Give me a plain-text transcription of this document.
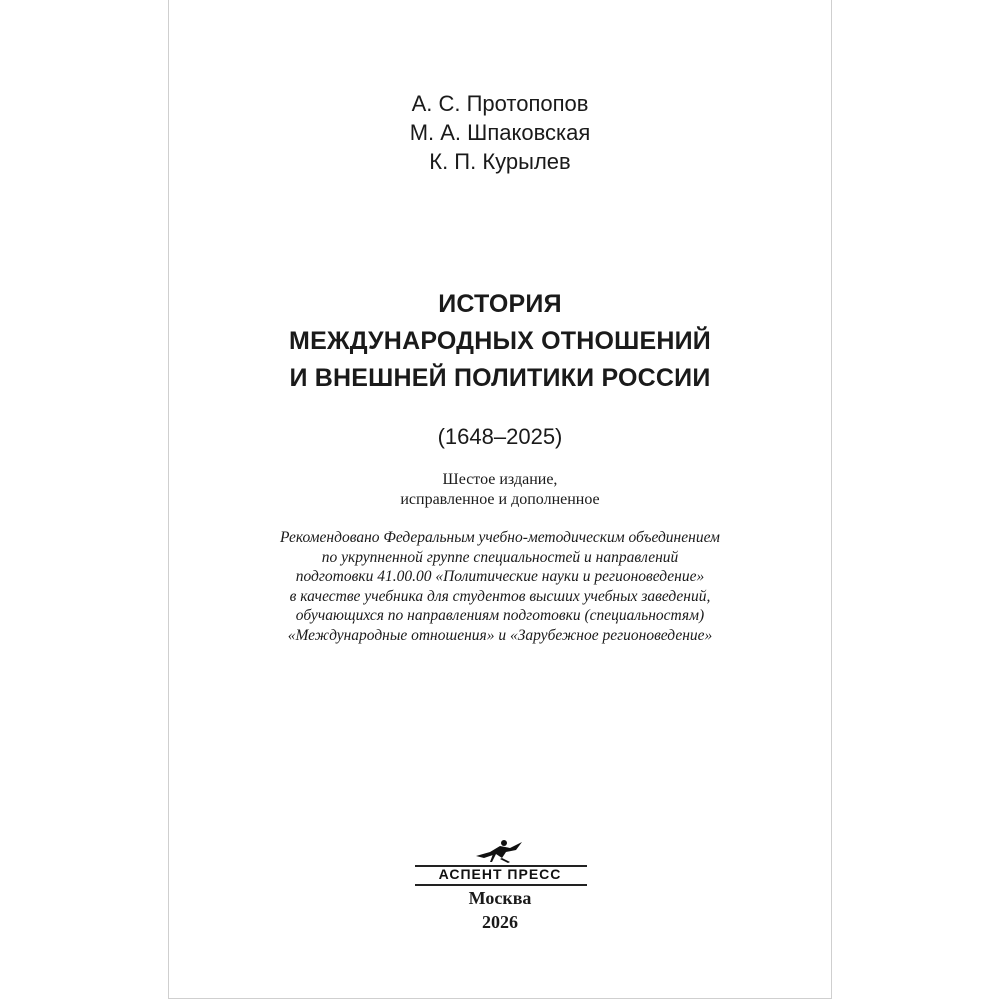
А. С. Протопопов
М. А. Шпаковская
К. П. Курылев
ИСТОРИЯ
МЕЖДУНАРОДНЫХ ОТНОШЕНИЙ
И ВНЕШНЕЙ ПОЛИТИКИ РОССИИ
(1648–2025)
Шестое издание,
исправленное и дополненное
Рекомендовано Федеральным учебно-методическим объединением
по укрупненной группе специальностей и направлений
подготовки 41.00.00 «Политические науки и регионоведение»
в качестве учебника для студентов высших учебных заведений,
обучающихся по направлениям подготовки (специальностям)
«Международные отношения» и «Зарубежное регионоведение»
АСПЕНТ ПРЕСС
Москва
2026
